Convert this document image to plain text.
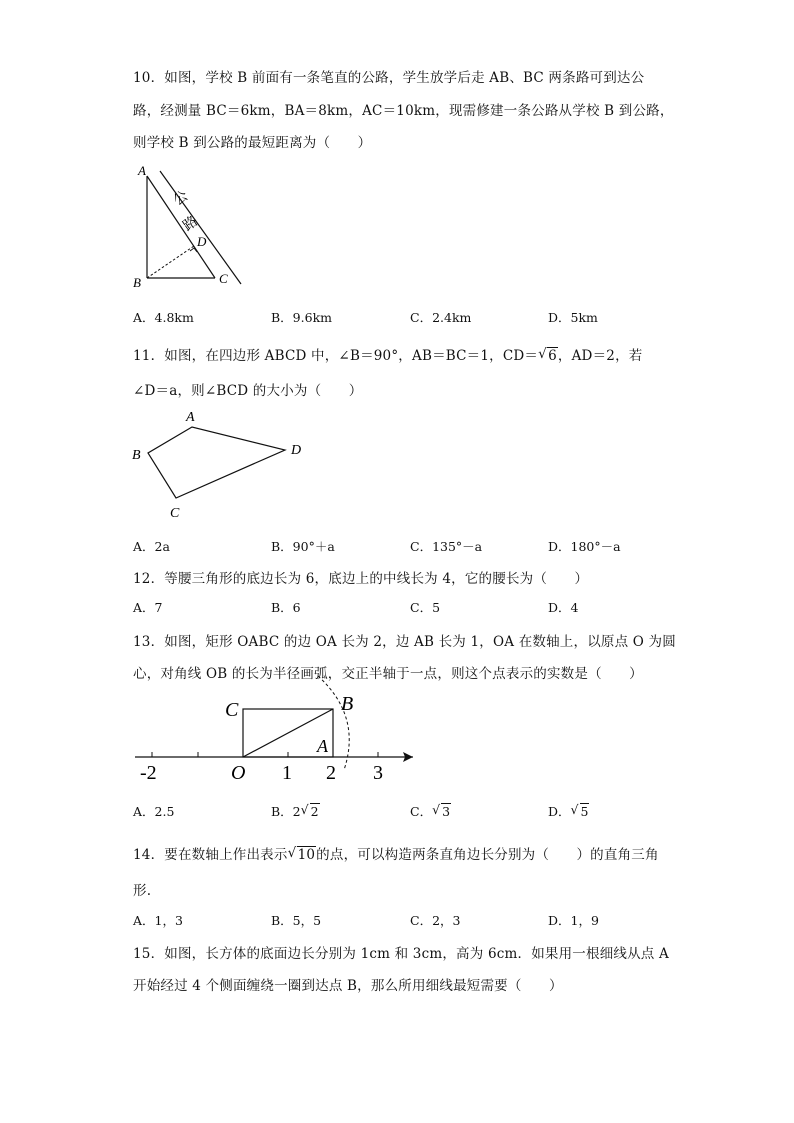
10．如图，学校 B 前面有一条笔直的公路，学生放学后走 AB、BC 两条路可到达公
路，经测量 BC＝6km，BA＝8km，AC＝10km，现需修建一条公路从学校 B 到公路，
则学校 B 到公路的最短距离为（　　）
A
B	C
D
公
路
A．4.8km	B．9.6km	C．2.4km	D．5km
11．如图，在四边形 ABCD 中，∠B＝90°，AB＝BC＝1，CD＝ √ 6，AD＝2，若
∠D＝a，则∠BCD 的大小为（　　）
A
B
C
D
A．2a	B．90°＋a	C．135°－a	D．180°－a
12．等腰三角形的底边长为 6，底边上的中线长为 4，它的腰长为（　　）
A．7	B．6	C．5	D．4
13．如图，矩形 OABC 的边 OA 长为 2，边 AB 长为 1，OA 在数轴上，以原点 O 为圆
心，对角线 OB 的长为半径画弧，交正半轴于一点，则这个点表示的实数是（　　）
C	B
A
O
-2	1 2 3
A．2.5	B．2 √ 2	C． √ 3	D． √ 5
14．要在数轴上作出表示 √ 10的点，可以构造两条直角边长分别为（　　）的直角三角
形.
A．1，3	B．5，5	C．2，3	D．1，9
15．如图，长方体的底面边长分别为 1cm 和 3cm，高为 6cm．如果用一根细线从点 A
开始经过 4 个侧面缠绕一圈到达点 B，那么所用细线最短需要（　　）
